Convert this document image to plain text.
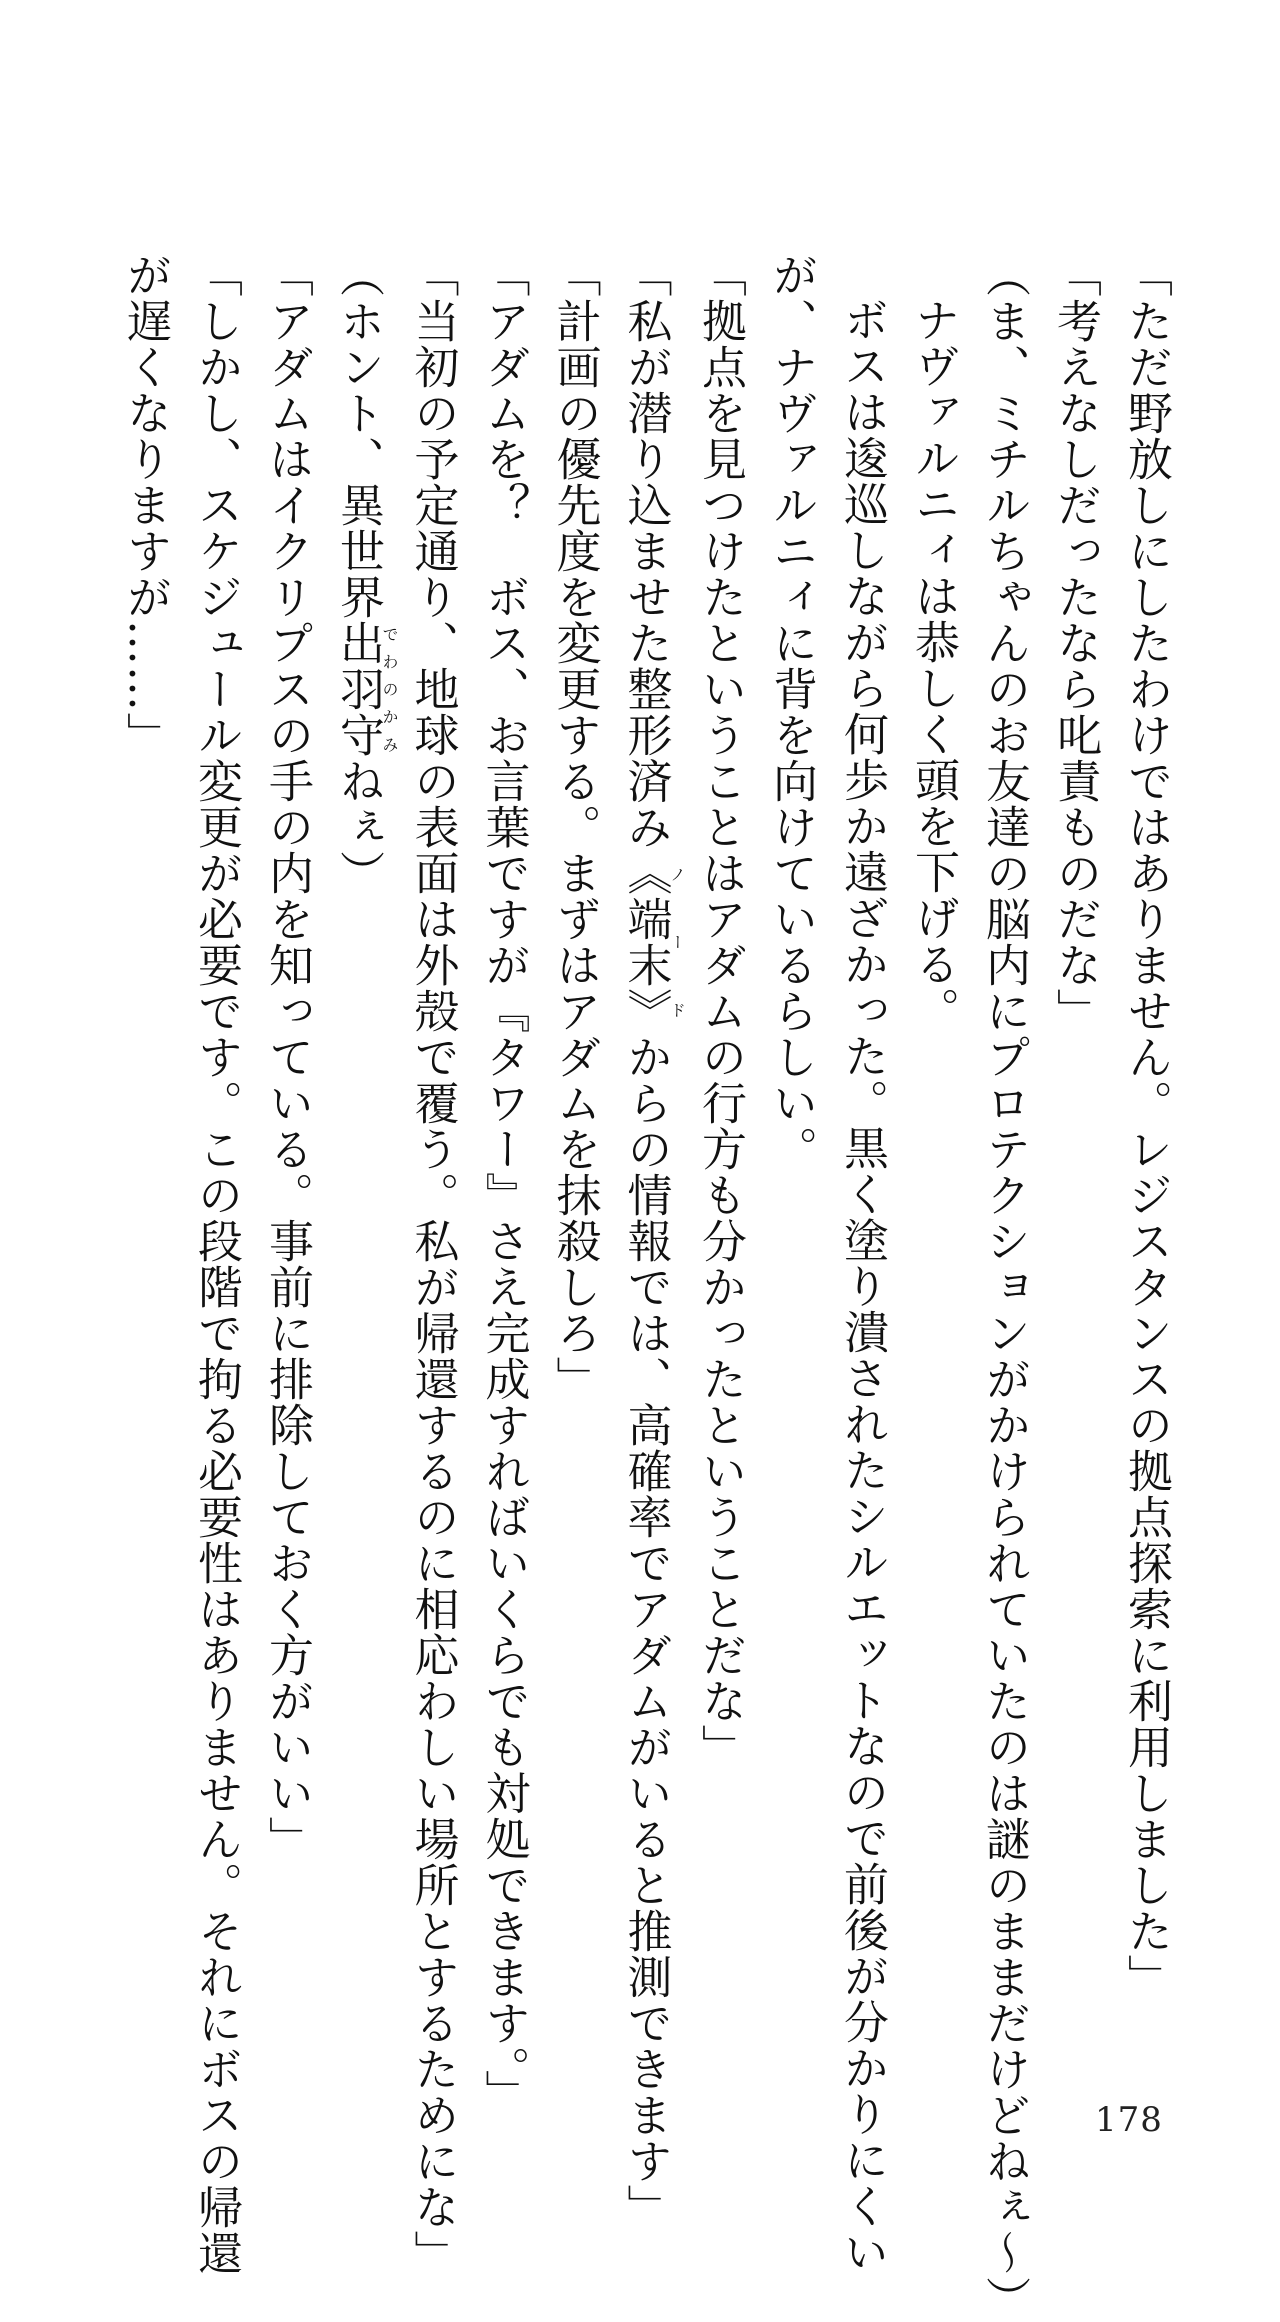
「ただ野放しにしたわけではありません。レジスタンスの拠点探索に利用しました」
「考えなしだったなら叱責ものだな」
（ま、ミチルちゃんのお友達の脳内にプロテクションがかけられていたのは謎のままだけどねぇ～）
ナヴァルニィは恭しく頭を下げる。
ボスは逡巡しながら何歩か遠ざかった。黒く塗り潰されたシルエットなので前後が分かりにくい
が、ナヴァルニィに背を向けているらしい。
「拠点を見つけたということはアダムの行方も分かったということだな」
「私が潜り込ませた整形済み《端末》ノードからの情報では、高確率でアダムがいると推測できます」
「計画の優先度を変更する。まずはアダムを抹殺しろ」
「アダムを？　ボス、お言葉ですが『タワー』さえ完成すればいくらでも対処できます。」
「当初の予定通り、地球の表面は外殻で覆う。私が帰還するのに相応わしい場所とするためにな」
（ホント、異世界出羽守でわのかみねぇ）
「アダムはイクリプスの手の内を知っている。事前に排除しておく方がいい」
「しかし、スケジュール変更が必要です。この段階で拘る必要性はありません。それにボスの帰還
が遅くなりますが……」
178
